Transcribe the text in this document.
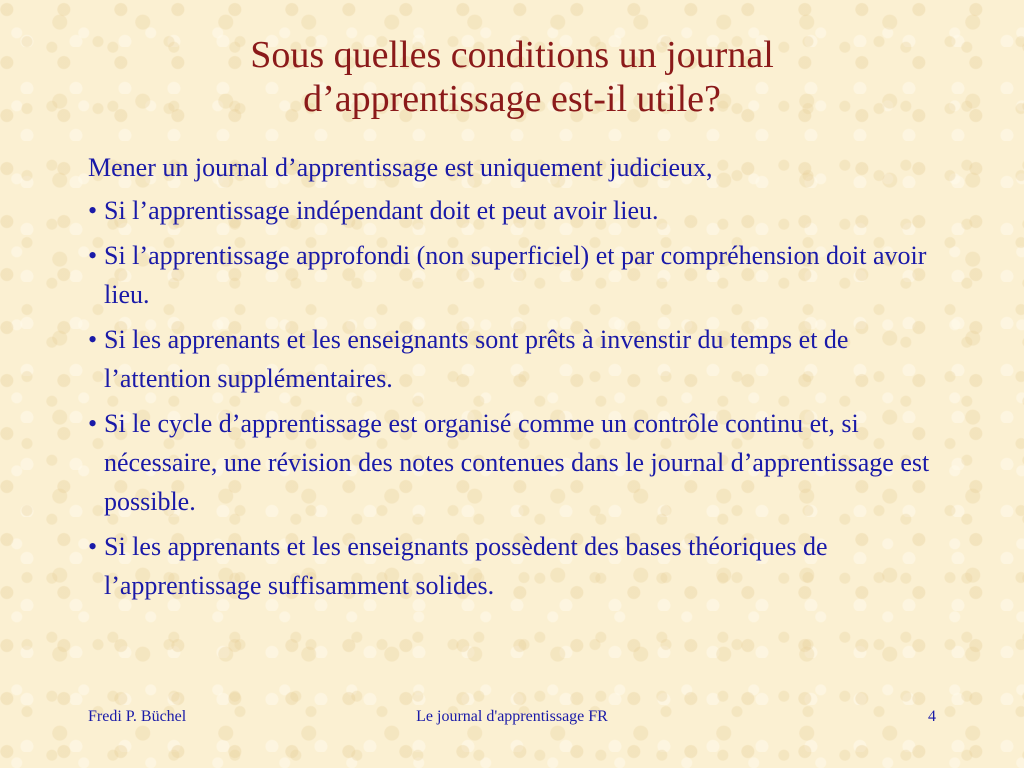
Sous quelles conditions un journal
d’apprentissage est-il utile?

Mener un journal d’apprentissage est uniquement judicieux,

• Si l’apprentissage indépendant doit et peut avoir lieu.
• Si l’apprentissage approfondi (non superficiel) et par compréhension doit avoir lieu.
• Si les apprenants et les enseignants sont prêts à invenstir du temps et de l’attention supplémentaires.
• Si le cycle d’apprentissage est organisé comme un contrôle continu et, si nécessaire, une révision des notes contenues dans le journal d’apprentissage est possible.
• Si les apprenants et les enseignants possèdent des bases théoriques de l’apprentissage suffisamment solides.
Fredi P. Büchel	Le journal d'apprentissage FR	4
